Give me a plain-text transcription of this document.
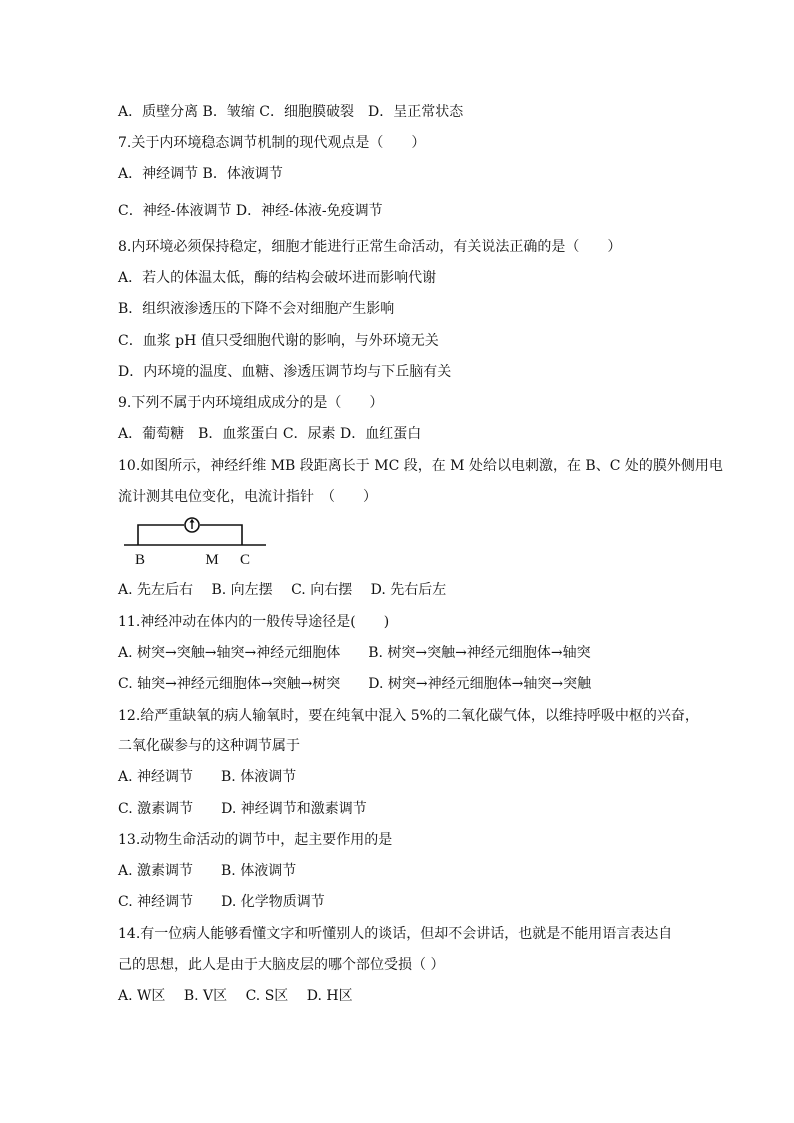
A．质壁分离 B．皱缩 C．细胞膜破裂　D．呈正常状态
7.关于内环境稳态调节机制的现代观点是（　　）
A．神经调节 B．体液调节
C．神经-体液调节 D．神经-体液-免疫调节
8.内环境必须保持稳定，细胞才能进行正常生命活动，有关说法正确的是（　　）
A．若人的体温太低，酶的结构会破坏进而影响代谢
B．组织液渗透压的下降不会对细胞产生影响
C．血浆 pH 值只受细胞代谢的影响，与外环境无关
D．内环境的温度、血糖、渗透压调节均与下丘脑有关
9.下列不属于内环境组成成分的是（　　）
A．葡萄糖　B．血浆蛋白 C．尿素 D．血红蛋白
10.如图所示，神经纤维 MB 段距离长于 MC 段，在 M 处给以电刺激，在 B、C 处的膜外侧用电
流计测其电位变化，电流计指针　（　　）
B	M C
A. 先左后右　 B. 向左摆　 C. 向右摆　 D. 先右后左
11.神经冲动在体内的一般传导途径是(　　)
A. 树突→突触→轴突→神经元细胞体　　B. 树突→突触→神经元细胞体→轴突
C. 轴突→神经元细胞体→突触→树突　　D. 树突→神经元细胞体→轴突→突触
12.给严重缺氧的病人输氧时，要在纯氧中混入 5%的二氧化碳气体，以维持呼吸中枢的兴奋，
二氧化碳参与的这种调节属于
A. 神经调节　　B. 体液调节
C. 激素调节　　D. 神经调节和激素调节
13.动物生命活动的调节中，起主要作用的是
A. 激素调节　　B. 体液调节
C. 神经调节　　D. 化学物质调节
14.有一位病人能够看懂文字和听懂别人的谈话，但却不会讲话，也就是不能用语言表达自
己的思想，此人是由于大脑皮层的哪个部位受损（ ）
A. W区　 B. V区　 C. S区　 D. H区
